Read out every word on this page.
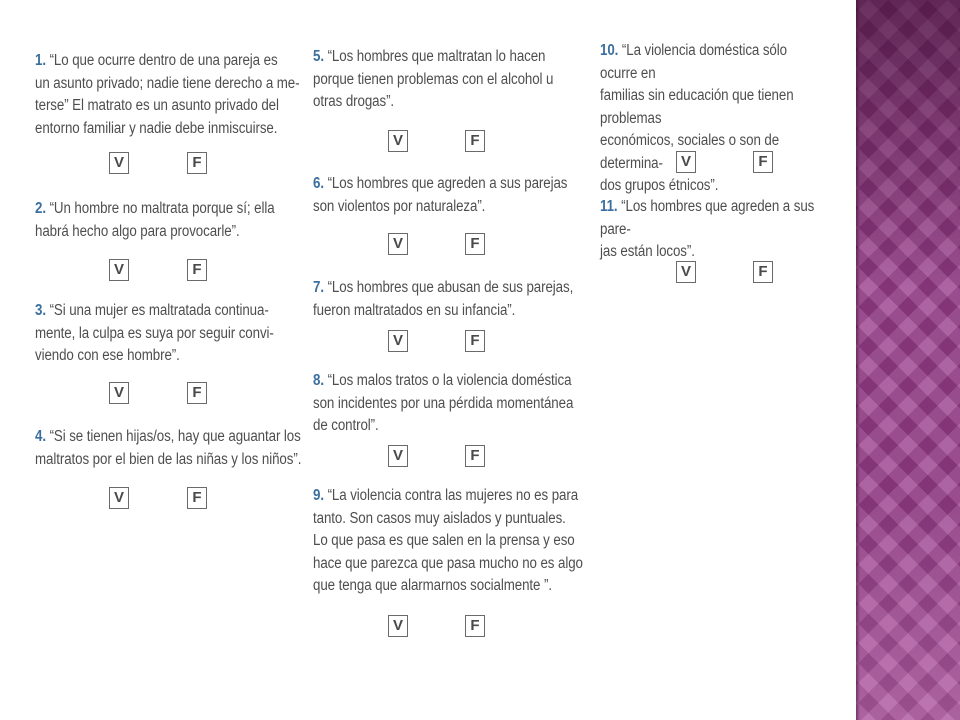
1. “Lo que ocurre dentro de una pareja es
un asunto privado; nadie tiene derecho a me-
terse” El matrato es un asunto privado del
entorno familiar y nadie debe inmiscuirse.
V	F
2. “Un hombre no maltrata porque sí; ella
habrá hecho algo para provocarle”.
V	F
3. “Si una mujer es maltratada continua-
mente, la culpa es suya por seguir convi-
viendo con ese hombre”.
V	F
4. “Si se tienen hijas/os, hay que aguantar los
maltratos por el bien de las niñas y los niños”.
V	F
5. “Los hombres que maltratan lo hacen
porque tienen problemas con el alcohol u
otras drogas”.
V	F
6. “Los hombres que agreden a sus parejas
son violentos por naturaleza”.
V	F
7. “Los hombres que abusan de sus parejas,
fueron maltratados en su infancia”.
V	F
8. “Los malos tratos o la violencia doméstica
son incidentes por una pérdida momentánea
de control”.
V	F
9. “La violencia contra las mujeres no es para
tanto. Son casos muy aislados y puntuales.
Lo que pasa es que salen en la prensa y eso
hace que parezca que pasa mucho no es algo
que tenga que alarmarnos socialmente ”.
V	F
10. “La violencia doméstica sólo ocurre en
familias sin educación que tienen problemas
económicos, sociales o son de determina-
dos grupos étnicos”.
V	F
11. “Los hombres que agreden a sus pare-
jas están locos”.
V	F
